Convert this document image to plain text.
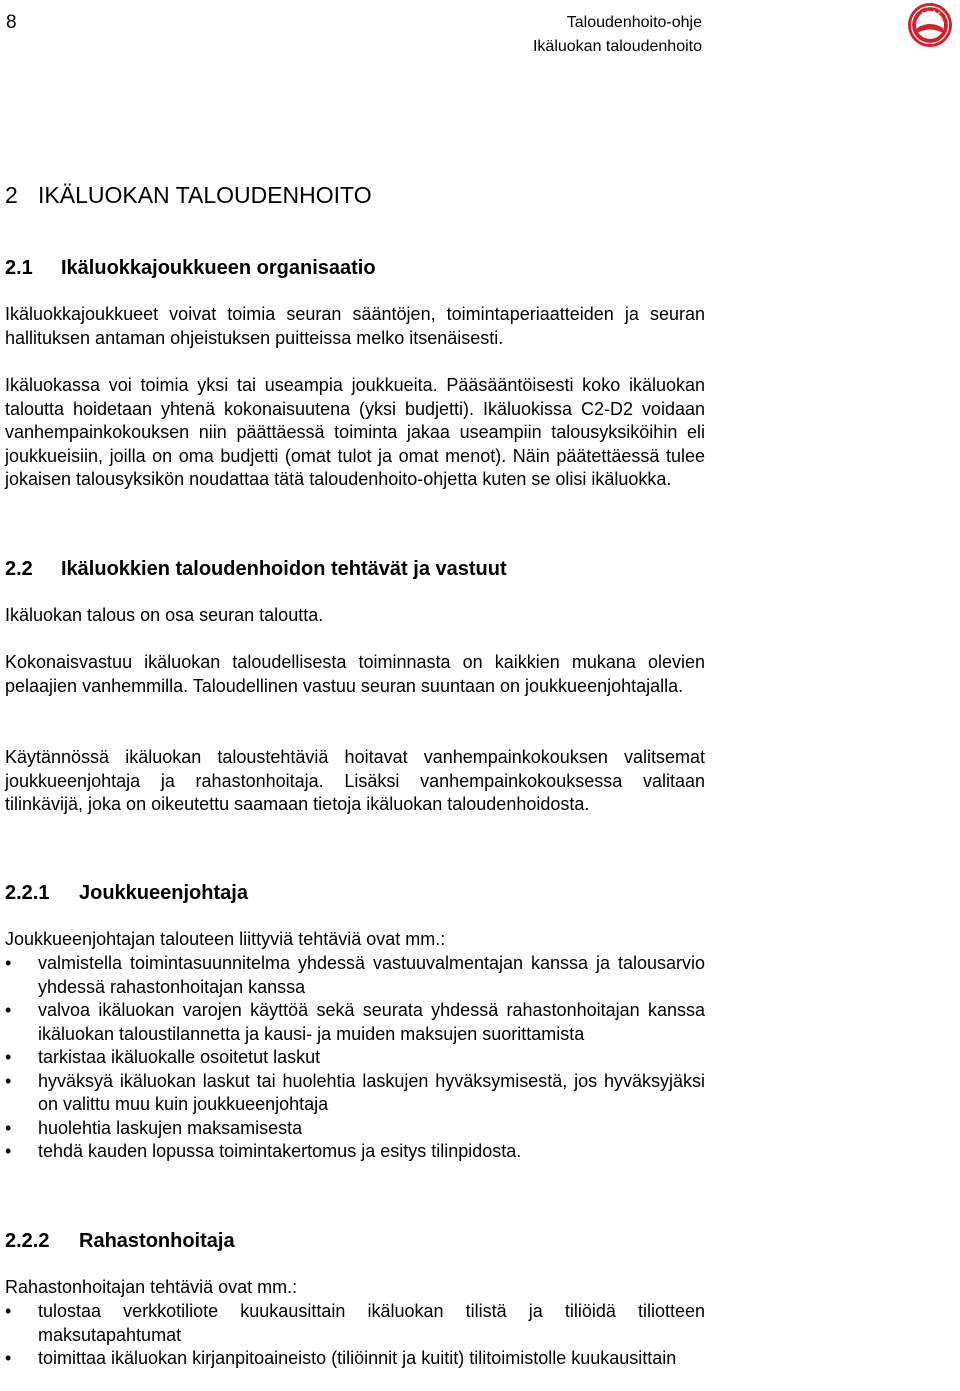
8	Taloudenhoito-ohje
Ikäluokan taloudenhoito
2 IKÄLUOKAN TALOUDENHOITO
2.1 Ikäluokkajoukkueen organisaatio

Ikäluokkajoukkueet voivat toimia seuran sääntöjen, toimintaperiaatteiden ja seuran hallituksen antaman ohjeistuksen puitteissa melko itsenäisesti.

Ikäluokassa voi toimia yksi tai useampia joukkueita. Pääsääntöisesti koko ikäluokan taloutta hoidetaan yhtenä kokonaisuutena (yksi budjetti). Ikäluokissa C2-D2 voidaan vanhempainkokouksen niin päättäessä toiminta jakaa useampiin talousyksiköihin eli joukkueisiin, joilla on oma budjetti (omat tulot ja omat menot). Näin päätettäessä tulee jokaisen talousyksikön noudattaa tätä taloudenhoito-ohjetta kuten se olisi ikäluokka.

2.2 Ikäluokkien taloudenhoidon tehtävät ja vastuut

Ikäluokan talous on osa seuran taloutta.

Kokonaisvastuu ikäluokan taloudellisesta toiminnasta on kaikkien mukana olevien pelaajien vanhemmilla. Taloudellinen vastuu seuran suuntaan on joukkueenjohtajalla.

Käytännössä ikäluokan taloustehtäviä hoitavat vanhempainkokouksen valitsemat joukkueenjohtaja ja rahastonhoitaja. Lisäksi vanhempainkokouksessa valitaan tilinkävijä, joka on oikeutettu saamaan tietoja ikäluokan taloudenhoidosta.

2.2.1 Joukkueenjohtaja

Joukkueenjohtajan talouteen liittyviä tehtäviä ovat mm.:

• valmistella toimintasuunnitelma yhdessä vastuuvalmentajan kanssa ja talousarvio yhdessä rahastonhoitajan kanssa
• valvoa ikäluokan varojen käyttöä sekä seurata yhdessä rahastonhoitajan kanssa ikäluokan taloustilannetta ja kausi- ja muiden maksujen suorittamista
• tarkistaa ikäluokalle osoitetut laskut
• hyväksyä ikäluokan laskut tai huolehtia laskujen hyväksymisestä, jos hyväksyjäksi on valittu muu kuin joukkueenjohtaja
• huolehtia laskujen maksamisesta
• tehdä kauden lopussa toimintakertomus ja esitys tilinpidosta.
2.2.2 Rahastonhoitaja

Rahastonhoitajan tehtäviä ovat mm.:

• tulostaa verkkotiliote kuukausittain ikäluokan tilistä ja tiliöidä tiliotteen maksutapahtumat
• toimittaa ikäluokan kirjanpitoaineisto (tiliöinnit ja kuitit) tilitoimistolle kuukausittain
